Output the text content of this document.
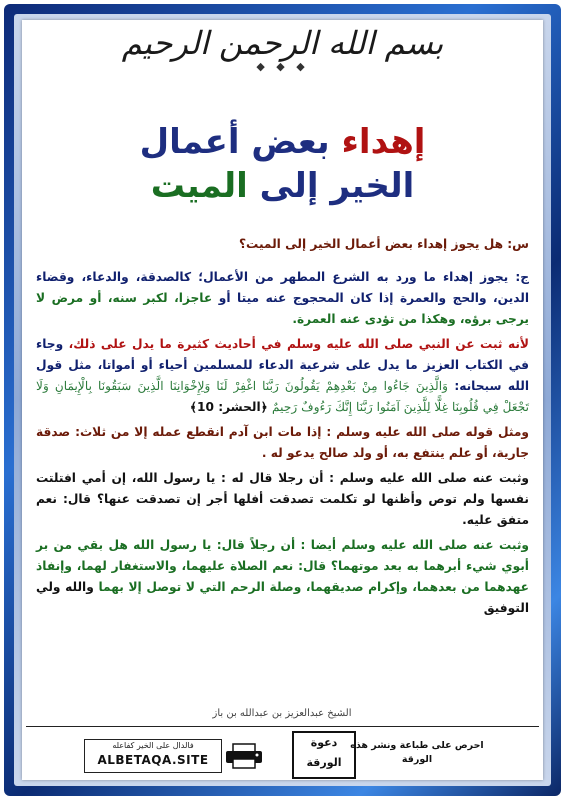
بسم الله الرحمن الرحيم
◆ ◆ ◆
إهداء بعض أعمال
الخير إلى الميت

س: هل يجوز إهداء بعض أعمال الخير إلى الميت؟

ج: يجوز إهداء ما ورد به الشرع المطهر من الأعمال؛ كالصدقة، والدعاء، وقضاء الدين، والحج والعمرة إذا كان المحجوج عنه ميتا أو عاجزا، لكبر سنه، أو مرض لا يرجى برؤه، وهكذا من تؤدى عنه العمرة.

لأنه ثبت عن النبي صلى الله عليه وسلم في أحاديث كثيرة ما يدل على ذلك، وجاء في الكتاب العزيز ما يدل على شرعية الدعاء للمسلمين أحياء أو أمواتا، مثل قول الله سبحانه: وَالَّذِينَ جَاءُوا مِنْ بَعْدِهِمْ يَقُولُونَ رَبَّنَا اغْفِرْ لَنَا وَلِإِخْوَانِنَا الَّذِينَ سَبَقُونَا بِالْإِيمَانِ وَلَا تَجْعَلْ فِي قُلُوبِنَا غِلًّا لِلَّذِينَ آمَنُوا رَبَّنَا إِنَّكَ رَءُوفٌ رَحِيمٌ ﴿الحشر: 10﴾

ومثل قوله صلى الله عليه وسلم : إذا مات ابن آدم انقطع عمله إلا من ثلاث: صدقة جارية، أو علم ينتفع به، أو ولد صالح يدعو له .

وثبت عنه صلى الله عليه وسلم : أن رجلا قال له : يا رسول الله، إن أمي افتلتت نفسها ولم توص وأظنها لو تكلمت تصدقت أفلها أجر إن تصدقت عنها؟ قال: نعم متفق عليه.

وثبت عنه صلى الله عليه وسلم أيضا : أن رجلاً قال: يا رسول الله هل بقي من بر أبوي شيء أبرهما به بعد موتهما؟ قال: نعم الصلاة عليهما، والاستغفار لهما، وإنفاذ عهدهما من بعدهما، وإكرام صديقهما، وصلة الرحم التي لا توصل إلا بهما والله ولي التوفيق

الشيخ عبدالعزيز بن عبدالله بن باز
فالدال على الخير كفاعله
ALBETAQA.SITE
دعوة
الورقة
احرص على طباعة ونشر هذه الورقة
